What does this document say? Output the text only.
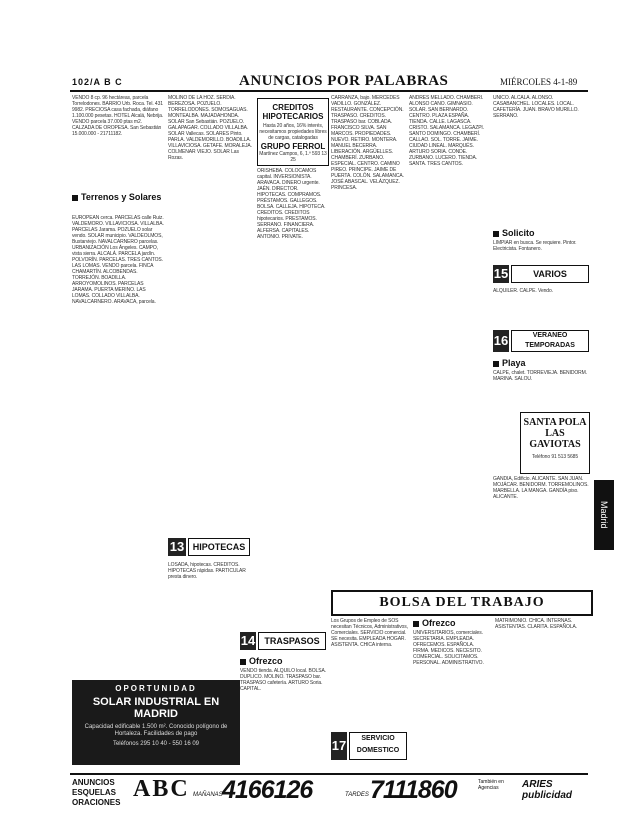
102/A B C	ANUNCIOS POR PALABRAS	MIÉRCOLES 4-1-89
VENDO 8 cp. 96 hectáreas, parcela Torrelodones. BARRIO Urb. Roca. Tel. 431 9982. PRECIOSA casa fachada, diáfano 1.100.000 pesetas. HOTEL Alcalá, Nebrija. VENDO parcela 37.000 ptas m2. CALZADA DE OROPESA. San Sebastián 15.000.000 - 21711182.
Terrenos y Solares
EUROPEAN cerca. PARCELAS calle Ruiz. VALDEMORO. VILLAVICIOSA. VILLALBA. PARCELAS Jarama. POZUELO solar vendo. SOLAR municipio. VALDEOLMOS, Bustarviejo. NAVALCARNERO parcelas. URBANIZACIÓN Los Ángeles. CAMPO, vista sierra. ALCALÁ. PARCELA jardín. POLVORÍN. PARCELAS. TRES CANTOS. LAS LOMAS. VENDO parcela. FINCA CHAMARTÍN. ALCOBENDAS. TORREJÓN. BOADILLA. ARROYOMOLINOS. PARCELAS JARAMA. PUERTA MERINO. LAS LOMAS. COLLADO VILLALBA. NAVALCARNERO. ARAVACA, parcela.
MOLINO DE LA HOZ. SERDIA. BEREZOSA. POZUELO. TORRELODONES. SOMOSAGUAS. MONTEALBA. MAJADAHONDA. SOLAR San Sebastián. POZUELO. GALAPAGAR. COLLADO VILLALBA. SOLAR Vallecas. SOLARES Pinto. PARLA. VALDEMORILLO. BOADILLA. VILLAVICIOSA. GETAFE. MORALEJA. COLMENAR VIEJO. SOLAR Las Rozas.
13 HIPOTECAS
LOSADA, hipotecas. CREDITOS. HIPOTECAS rápidas. PARTICULAR presta dinero.
CREDITOS HIPOTECARIOS
Hasta 20 años, 16% interés, necesitamos propiedades libres de cargas, catalogadas
GRUPO FERROL
Martínez Campos, 6, 1.º 593 13 25
ORISHEBA. COLOCAMOS capital. INVERSIONISTA. ARAVACA. DINERO urgente. JAÉN. DIRECTOR. HIPOTECAS. COMPRAMOS. PRÉSTAMOS. GALLEGOS. BOLSA. CALLEJA. HIPOTECA. CREDITOS. CREDITOS hipotecarios. PRESTAMOS. SERRANO. FINANCIERA. ALFERSA. CAPITALES. ANTONIO. PRIVATE.
14	TRASPASOS
Ofrezco
VENDO tienda. ALQUILO local. BOLSA. DUPLICO. MOLINO. TRASPASO bar. TRASPASO cafetería. ARTURO Soria. CAPITAL.
CARRANZA, bajo. MERCEDES VADILLO. GONZÁLEZ. RESTAURANTE. CONCEPCIÓN. TRASPASO. CREDITOS. TRASPASO bar. COBLADA. FRANCISCO SILVA. SAN MARCOS. PROPIEDADES. NUEVO. RETIRO. MONTERA. MANUEL BECERRA. LIBERACIÓN. ARGÜELLES. CHAMBERÍ. ZURBANO. ESPECIAL. CENTRO. CAMINO PIREO. PRINCIPE. JAIME DE PUERTA. COLÓN. SALAMANCA. JOSÉ ABASCAL. VELÁZQUEZ. PRINCESA.
ANDRÉS MELLADO. CHAMBERÍ. ALONSO CANO. GIMNASIO. SOLAR. SAN BERNARDO. CENTRO. PLAZA ESPAÑA. TIENDA. CALLE. LAGASCA. CRISTO. SALAMANCA. LEGAZPI. SANTO DOMINGO. CHAMBERÍ. CALLAO. SOL. TORRE. JAIME. CIUDAD LINEAL. MARQUÉS. ARTURO SORIA. CONDE. ZURBANO. LUCERO. TIENDA. SANTA. TRES CANTOS.
UNICO. ALCALÁ. ALONSO. CASABANCHEL. LOCALES. LOCAL. CAFETERÍA. JUAN. BRAVO MURILLO. SERRANO.
Solicito
LIMPIAR en busca. Se requiere. Pintor. Electricista. Fontanero.
15	VARIOS
ALQUILER. CALPE. Vendo.
16	VERANEO TEMPORADAS
Playa
CALPE, chalet. TORREVIEJA. BENIDORM. MARINA. SALOU.
SANTA POLA LAS GAVIOTAS
Teléfono 91 513 5685
GANDIA, Edificio. ALICANTE. SAN JUAN. MOJÁCAR. BENIDORM. TORREMOLINOS. MARBELLA. LA MANGA. GANDÍA piso. ALICANTE.
Madrid
BOLSA DEL TRABAJO
Los Grupos de Empleo de SOS necesitan Técnicos, Administrativos, Comerciales. SERVICIO comercial. SE necesita. EMPLEADA HOGAR. ASISTENTA. CHICA interna.
Ofrezco
UNIVERSITARIOS, comerciales. SECRETARIA. EMPLEADA. OFRECEMOS. ESPAÑOLA. FIRMA. MEDICOS. NECESITO. COMERCIAL. SOLICITAMOS. PERSONAL. ADMINISTRATIVO.
MATRIMONIO. CHICA. INTERNAS. ASISTENTAS. CLARITA. ESPAÑOLA.
17	SERVICIO DOMESTICO
OPORTUNIDAD
SOLAR INDUSTRIAL EN MADRID
Capacidad edificable 1.500 m². Conocido polígono de Hortaleza. Facilidades de pago
Teléfonos 295 10 40 - 550 16 09
ANUNCIOS
ESQUELAS
ORACIONES
ABC MAÑANAS 4166126	TARDES 7111860	También en Agencias	ARIES publicidad
